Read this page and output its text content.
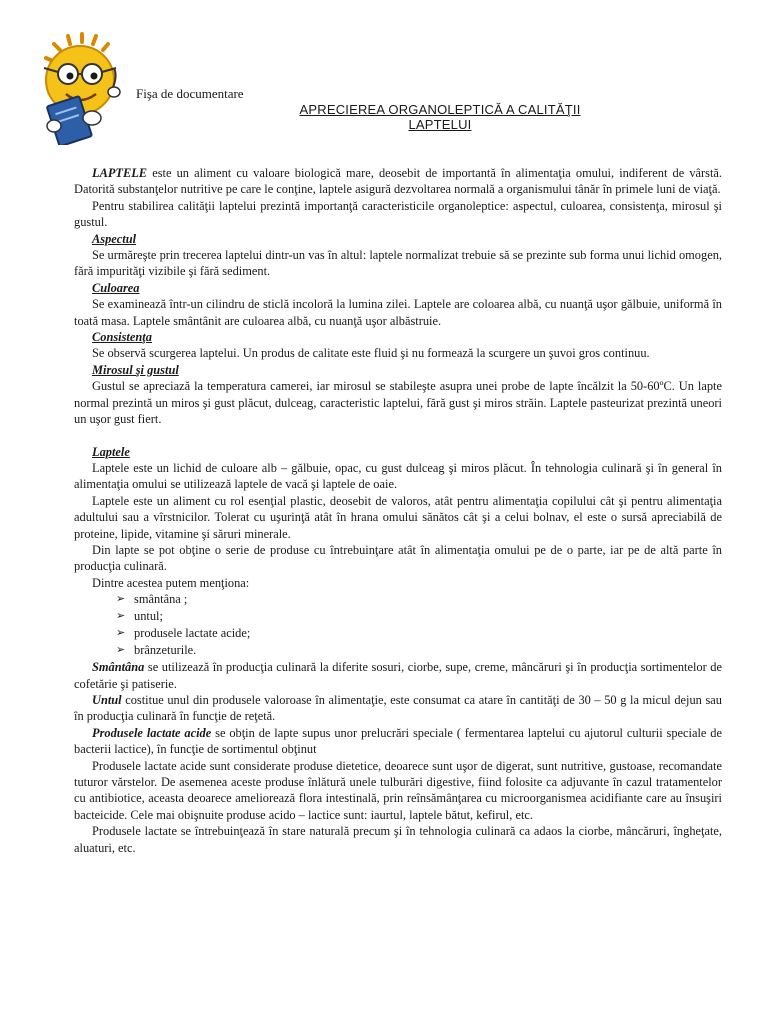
Fişa de documentare
APRECIEREA ORGANOLEPTICĂ A CALITĂŢII
LAPTELUI

LAPTELE este un aliment cu valoare biologică mare, deosebit de importantă în alimentaţia omului, indiferent de vârstă. Datorită substanţelor nutritive pe care le conţine, laptele asigură dezvoltarea normală a organismului tânăr în primele luni de viaţă.

Pentru stabilirea calităţii laptelui prezintă importanţă caracteristicile organoleptice: aspectul, culoarea, consistenţa, mirosul şi gustul.

Aspectul

Se urmăreşte prin trecerea laptelui dintr-un vas în altul: laptele normalizat trebuie să se prezinte sub forma unui lichid omogen, fără impurităţi vizibile şi fără sediment.

Culoarea

Se examinează într-un cilindru de sticlă incoloră la lumina zilei. Laptele are coloarea albă, cu nuanţă uşor gălbuie, uniformă în toată masa. Laptele smântânit are culoarea albă, cu nuanţă uşor albăstruie.

Consistenţa

Se observă scurgerea laptelui. Un produs de calitate este fluid şi nu formează la scurgere un şuvoi gros continuu.

Mirosul şi gustul

Gustul se apreciază la temperatura camerei, iar mirosul se stabileşte asupra unei probe de lapte încălzit la 50-60ºC. Un lapte normal prezintă un miros şi gust plăcut, dulceag, caracteristic laptelui, fără gust şi miros străin. Laptele pasteurizat prezintă uneori un uşor gust fiert.

Laptele

Laptele este un lichid de culoare alb – gălbuie, opac, cu gust dulceag şi miros plăcut. În tehnologia culinară şi în general în alimentaţia omului se utilizează laptele de vacă şi laptele de oaie.

Laptele este un aliment cu rol esenţial plastic, deosebit de valoros, atât pentru alimentaţia copilului cât şi pentru alimentaţia adultului sau a vîrstnicilor. Tolerat cu uşurinţă atât în hrana omului sănătos cât şi a celui bolnav, el este o sursă apreciabilă de proteine, lipide, vitamine şi săruri minerale.

Din lapte se pot obţine o serie de produse cu întrebuinţare atât în alimentaţia omului pe de o parte, iar pe de altă parte în producţia culinară.

Dintre acestea putem menţiona:

➢ smântâna ;
➢ untul;
➢ produsele lactate acide;
➢ brânzeturile.

Smântâna se utilizează în producţia culinară la diferite sosuri, ciorbe, supe, creme, mâncăruri şi în producţia sortimentelor de cofetărie şi patiserie.

Untul costitue unul din produsele valoroase în alimentaţie, este consumat ca atare în cantităţi de 30 – 50 g la micul dejun sau în producţia culinară în funcţie de reţetă.

Produsele lactate acide se obţin de lapte supus unor prelucrări speciale ( fermentarea laptelui cu ajutorul culturii speciale de bacterii lactice), în funcţie de sortimentul obţinut

Produsele lactate acide sunt considerate produse dietetice, deoarece sunt uşor de digerat, sunt nutritive, gustoase, recomandate tuturor vărstelor. De asemenea aceste produse înlătură unele tulburări digestive, fiind folosite ca adjuvante în cazul tratamentelor cu antibiotice, aceasta deoarece ameliorează flora intestinală, prin reînsămânţarea cu microorganismea acidifiante care au însuşiri bacteicide. Cele mai obişnuite produse acido – lactice sunt: iaurtul, laptele bătut, kefirul, etc.

Produsele lactate se întrebuinţează în stare naturală precum şi în tehnologia culinară ca adaos la ciorbe, mâncăruri, îngheţate, aluaturi, etc.
